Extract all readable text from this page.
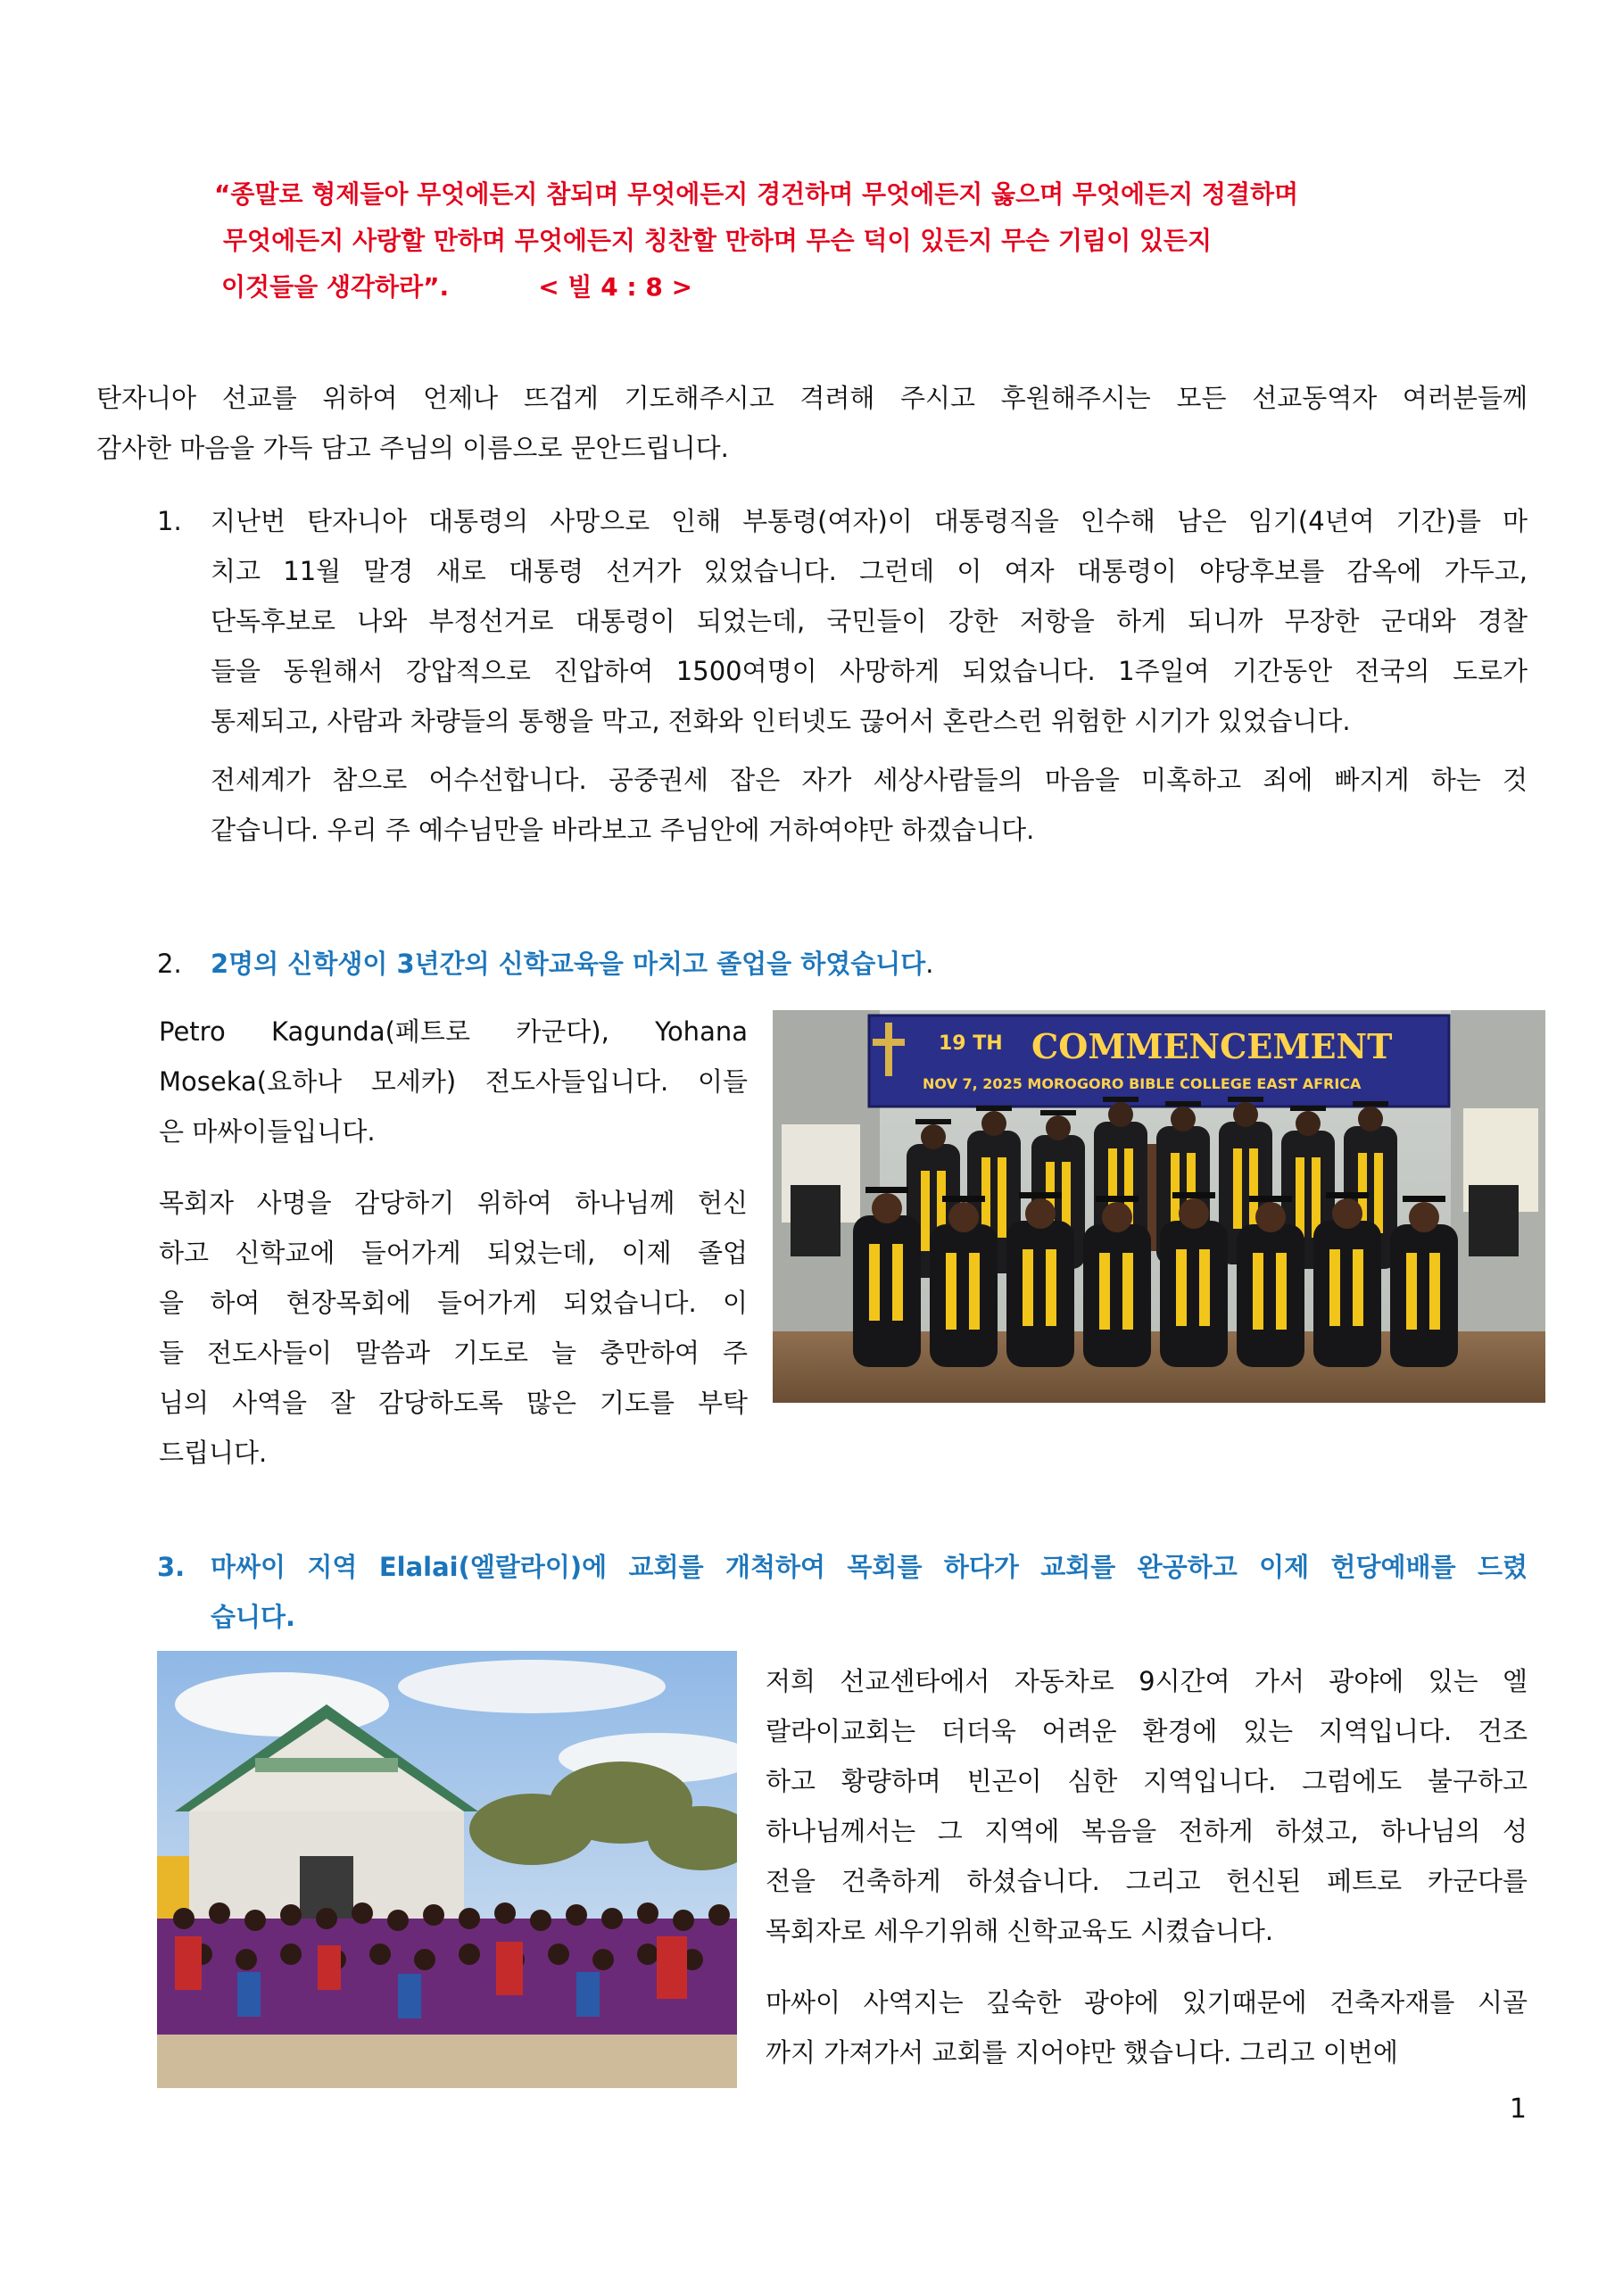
“종말로 형제들아 무엇에든지 참되며 무엇에든지 경건하며 무엇에든지 옳으며 무엇에든지 정결하며
무엇에든지 사랑할 만하며 무엇에든지 칭찬할 만하며 무슨 덕이 있든지 무슨 기림이 있든지
이것들을 생각하라”.	< 빌 4 : 8 >
탄자니아 선교를 위하여 언제나 뜨겁게 기도해주시고 격려해 주시고 후원해주시는 모든 선교동역자 여러분들께
감사한 마음을 가득 담고 주님의 이름으로 문안드립니다.
1. 지난번 탄자니아 대통령의 사망으로 인해 부통령(여자)이 대통령직을 인수해 남은 임기(4년여 기간)를 마
치고 11월 말경 새로 대통령 선거가 있었습니다. 그런데 이 여자 대통령이 야당후보를 감옥에 가두고,
단독후보로 나와 부정선거로 대통령이 되었는데, 국민들이 강한 저항을 하게 되니까 무장한 군대와 경찰
들을 동원해서 강압적으로 진압하여 1500여명이 사망하게 되었습니다. 1주일여 기간동안 전국의 도로가
통제되고, 사람과 차량들의 통행을 막고, 전화와 인터넷도 끊어서 혼란스런 위험한 시기가 있었습니다.
전세계가 참으로 어수선합니다. 공중권세 잡은 자가 세상사람들의 마음을 미혹하고 죄에 빠지게 하는 것
같습니다. 우리 주 예수님만을 바라보고 주님안에 거하여야만 하겠습니다.
2. 2명의 신학생이 3년간의 신학교육을 마치고 졸업을 하였습니다.
Petro Kagunda(페트로 카군다), Yohana
Moseka(요하나 모세카) 전도사들입니다. 이들
은 마싸이들입니다.
목회자 사명을 감당하기 위하여 하나님께 헌신
하고 신학교에 들어가게 되었는데, 이제 졸업
을 하여 현장목회에 들어가게 되었습니다. 이
들 전도사들이 말씀과 기도로 늘 충만하여 주
님의 사역을 잘 감당하도록 많은 기도를 부탁
드립니다.
19 TH COMMENCEMENT
NOV 7, 2025 MOROGORO BIBLE COLLEGE EAST AFRICA
3. 마싸이 지역 Elalai(엘랄라이)에 교회를 개척하여 목회를 하다가 교회를 완공하고 이제 헌당예배를 드렸
습니다.
저희 선교센타에서 자동차로 9시간여 가서 광야에 있는 엘
랄라이교회는 더더욱 어려운 환경에 있는 지역입니다. 건조
하고 황량하며 빈곤이 심한 지역입니다. 그럼에도 불구하고
하나님께서는 그 지역에 복음을 전하게 하셨고, 하나님의 성
전을 건축하게 하셨습니다. 그리고 헌신된 페트로 카군다를
목회자로 세우기위해 신학교육도 시켰습니다.
마싸이 사역지는 깊숙한 광야에 있기때문에 건축자재를 시골
까지 가져가서 교회를 지어야만 했습니다. 그리고 이번에
1
